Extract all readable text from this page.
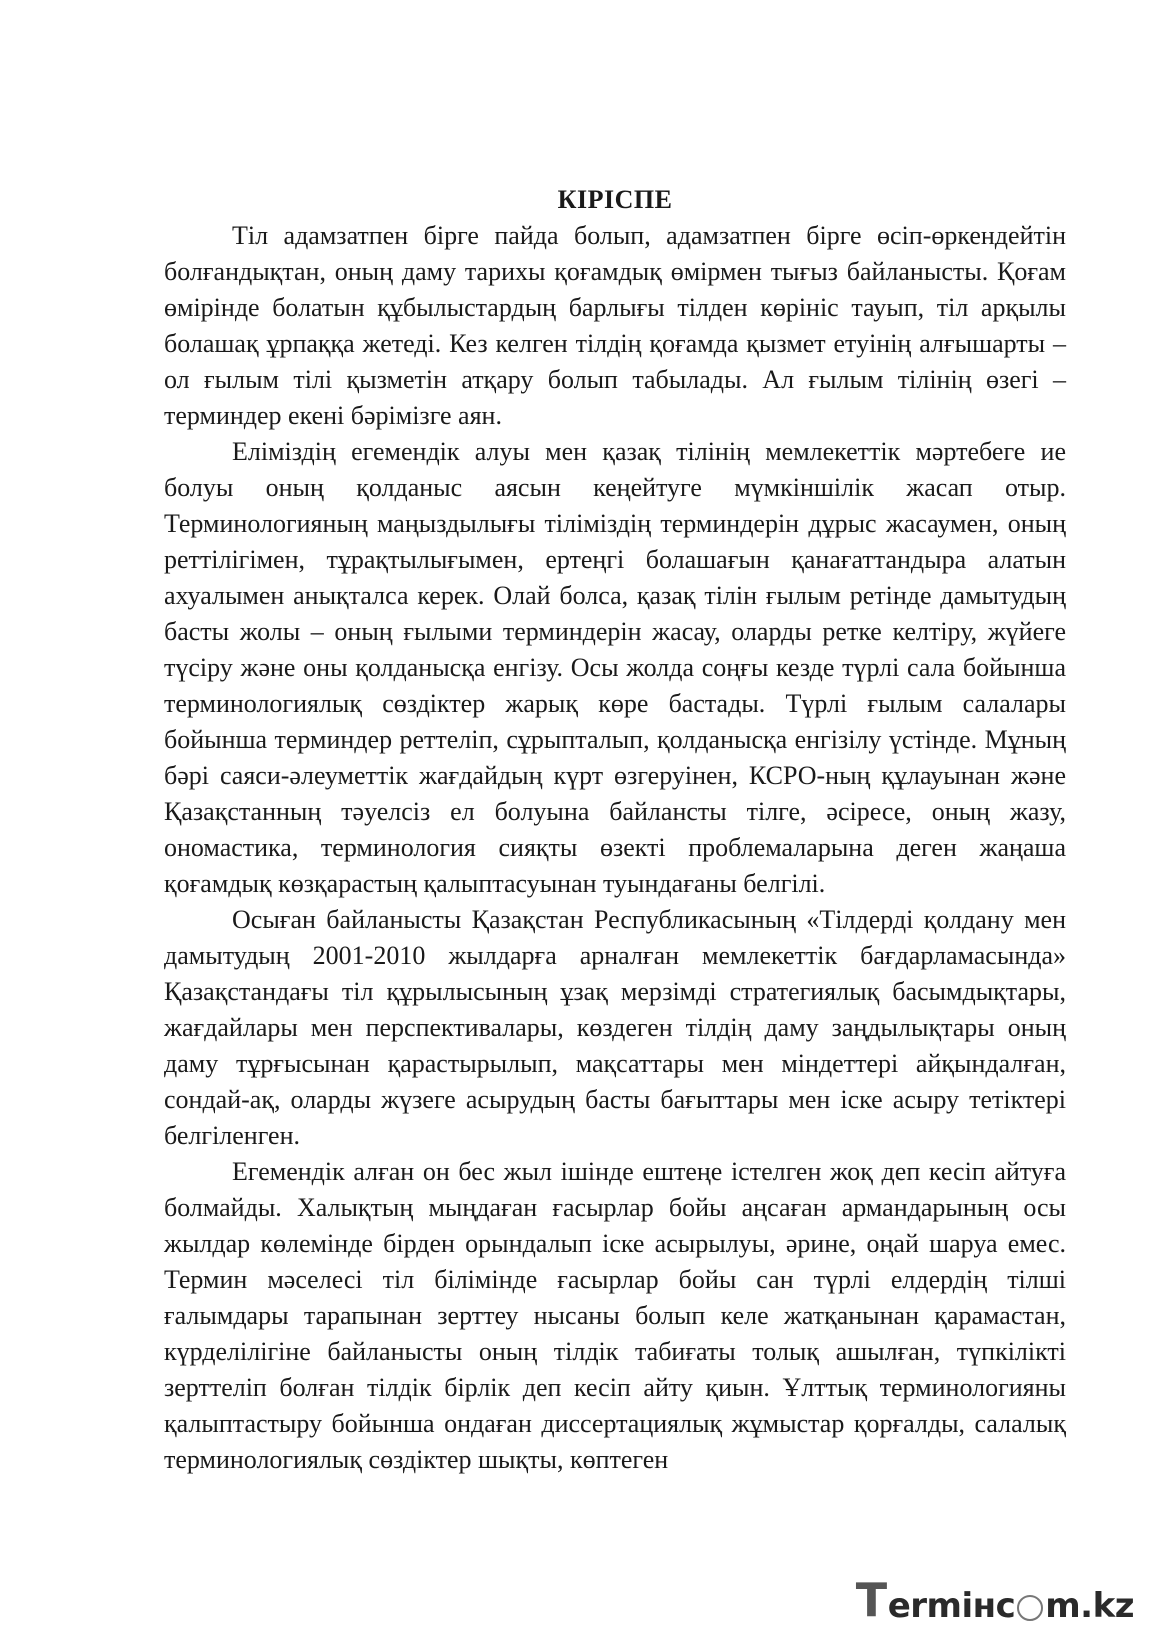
КІРІСПЕ

Тіл адамзатпен бірге пайда болып, адамзатпен бірге өсіп-өркендейтін болғандықтан, оның даму тарихы қоғамдық өмірмен тығыз байланысты. Қоғам өмірінде болатын құбылыстардың барлығы тілден көрініс тауып, тіл арқылы болашақ ұрпаққа жетеді. Кез келген тілдің қоғамда қызмет етуінің алғышарты – ол ғылым тілі қызметін атқару болып табылады. Ал ғылым тілінің өзегі – терминдер екені бәрімізге аян.

Еліміздің егемендік алуы мен қазақ тілінің мемлекеттік мәртебеге ие болуы оның қолданыс аясын кеңейтуге мүмкіншілік жасап отыр. Терминологияның маңыздылығы тіліміздің терминдерін дұрыс жасаумен, оның реттілігімен, тұрақтылығымен, ертеңгі болашағын қанағаттандыра алатын ахуалымен анықталса керек. Олай болса, қазақ тілін ғылым ретінде дамытудың басты жолы – оның ғылыми терминдерін жасау, оларды ретке келтіру, жүйеге түсіру және оны қолданысқа енгізу. Осы жолда соңғы кезде түрлі сала бойынша терминологиялық сөздіктер жарық көре бастады. Түрлі ғылым салалары бойынша терминдер реттеліп, сұрыпталып, қолданысқа енгізілу үстінде. Мұның бәрі саяси-әлеуметтік жағдайдың күрт өзгеруінен, КСРО-ның құлауынан және Қазақстанның тәуелсіз ел болуына байланcты тілге, әсіресе, оның жазу, ономастика, терминология сияқты өзекті проблемаларына деген жаңаша қоғамдық көзқарастың қалыптасуынан туындағаны белгілі.

Осыған байланысты Қазақстан Республикасының «Тілдерді қолдану мен дамытудың 2001-2010 жылдарға арналған мемлекеттік бағдарламасында» Қазақстандағы тіл құрылысының ұзақ мерзімді стратегиялық басымдықтары, жағдайлары мен перспективалары, көздеген тілдің даму заңдылықтары оның даму тұрғысынан қарастырылып, мақсаттары мен міндеттері айқындалған, сондай-ақ, оларды жүзеге асырудың басты бағыттары мен іске асыру тетіктері белгіленген.

Егемендік алған он бес жыл ішінде ештеңе істелген жоқ деп кесіп айтуға болмайды. Халықтың мыңдаған ғасырлар бойы аңсаған армандарының осы жылдар көлемінде бірден орындалып іске асырылуы, әрине, оңай шаруа емес. Термин мәселесі тіл білімінде ғасырлар бойы сан түрлі елдердің тілші ғалымдары тарапынан зерттеу нысаны болып келе жатқанынан қарамастан, күрделілігіне байланысты оның тілдік табиғаты толық ашылған, түпкілікті зерттеліп болған тілдік бірлік деп кесіп айту қиын. Ұлттық терминологияны қалыптастыру бойынша ондаған диссертациялық жұмыстар қорғалды, салалық терминологиялық сөздіктер шықты, көптеген

T ermінс m.kz
